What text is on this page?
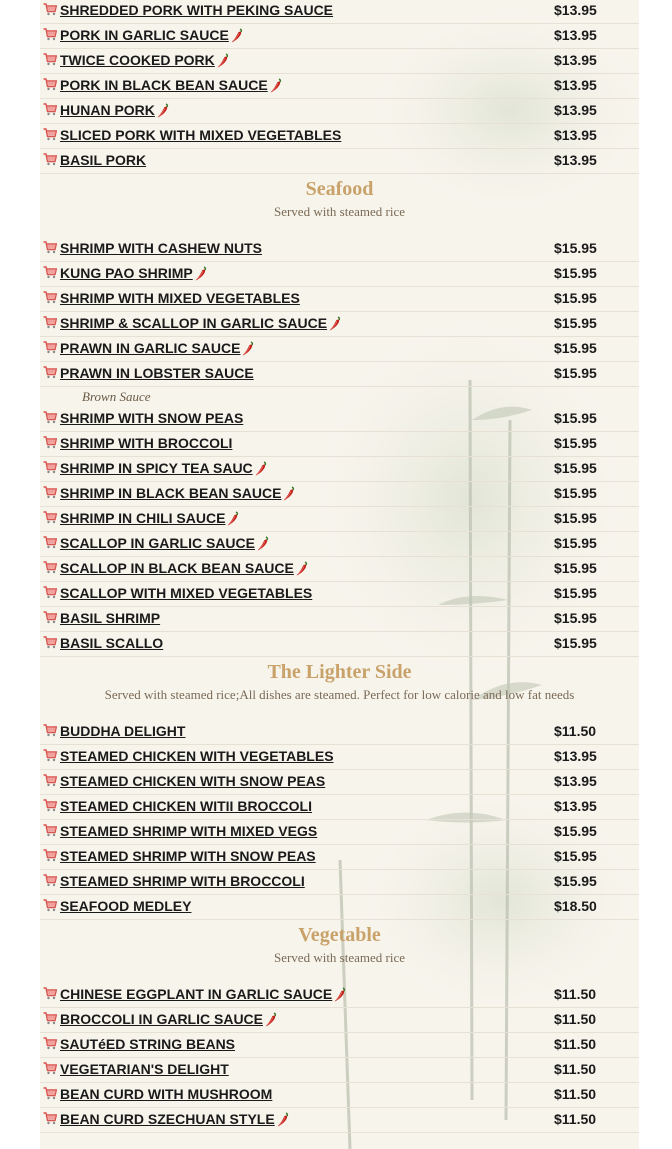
SHREDDED PORK WITH PEKING SAUCE	$13.95
PORK IN GARLIC SAUCE	$13.95
TWICE COOKED PORK	$13.95
PORK IN BLACK BEAN SAUCE	$13.95
HUNAN PORK	$13.95
SLICED PORK WITH MIXED VEGETABLES	$13.95
BASIL PORK	$13.95
Seafood
Served with steamed rice
SHRIMP WITH CASHEW NUTS	$15.95
KUNG PAO SHRIMP	$15.95
SHRIMP WITH MIXED VEGETABLES	$15.95
SHRIMP & SCALLOP IN GARLIC SAUCE	$15.95
PRAWN IN GARLIC SAUCE	$15.95
PRAWN IN LOBSTER SAUCE	$15.95
Brown Sauce
SHRIMP WITH SNOW PEAS	$15.95
SHRIMP WITH BROCCOLI	$15.95
SHRIMP IN SPICY TEA SAUC	$15.95
SHRIMP IN BLACK BEAN SAUCE	$15.95
SHRIMP IN CHILI SAUCE	$15.95
SCALLOP IN GARLIC SAUCE	$15.95
SCALLOP IN BLACK BEAN SAUCE	$15.95
SCALLOP WITH MIXED VEGETABLES	$15.95
BASIL SHRIMP	$15.95
BASIL SCALLO	$15.95
The Lighter Side
Served with steamed rice;All dishes are steamed. Perfect for low calorie and low fat needs
BUDDHA DELIGHT	$11.50
STEAMED CHICKEN WITH VEGETABLES	$13.95
STEAMED CHICKEN WITH SNOW PEAS	$13.95
STEAMED CHICKEN WITII BROCCOLI	$13.95
STEAMED SHRIMP WITH MIXED VEGS	$15.95
STEAMED SHRIMP WITH SNOW PEAS	$15.95
STEAMED SHRIMP WITH BROCCOLI	$15.95
SEAFOOD MEDLEY	$18.50
Vegetable
Served with steamed rice
CHINESE EGGPLANT IN GARLIC SAUCE	$11.50
BROCCOLI IN GARLIC SAUCE	$11.50
SAUTéED STRING BEANS	$11.50
VEGETARIAN'S DELIGHT	$11.50
BEAN CURD WITH MUSHROOM	$11.50
BEAN CURD SZECHUAN STYLE	$11.50
